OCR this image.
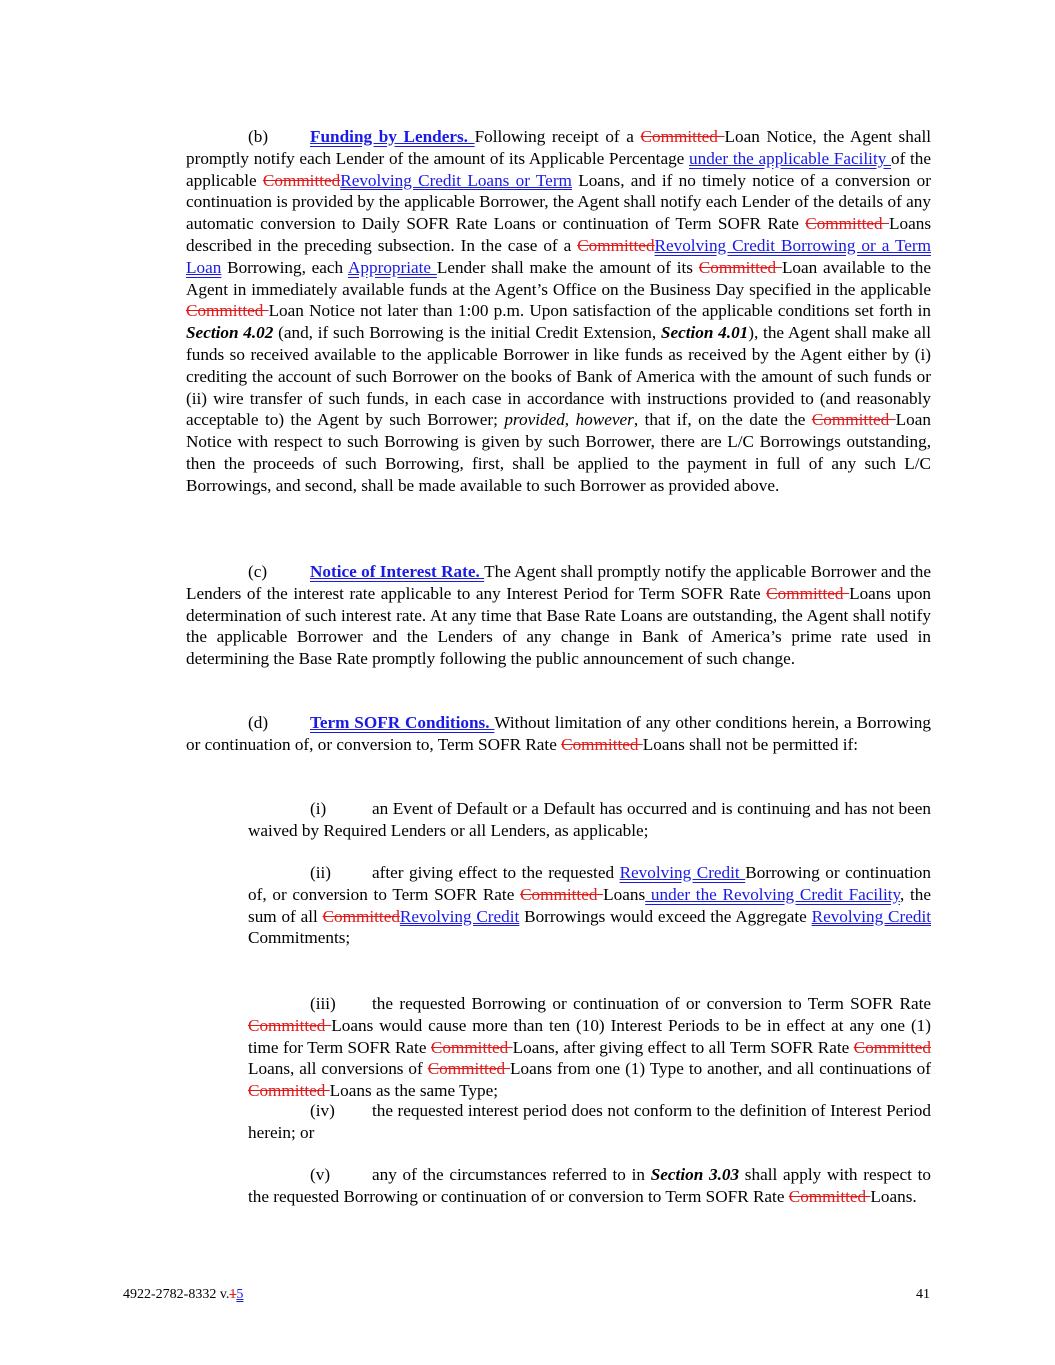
(b) Funding by Lenders. Following receipt of a Committed Loan Notice, the Agent shall promptly notify each Lender of the amount of its Applicable Percentage under the applicable Facility of the applicable CommittedRevolving Credit Loans or Term Loans, and if no timely notice of a conversion or continuation is provided by the applicable Borrower, the Agent shall notify each Lender of the details of any automatic conversion to Daily SOFR Rate Loans or continuation of Term SOFR Rate Committed Loans described in the preceding subsection. In the case of a CommittedRevolving Credit Borrowing or a Term Loan Borrowing, each Appropriate Lender shall make the amount of its Committed Loan available to the Agent in immediately available funds at the Agent’s Office on the Business Day specified in the applicable Committed Loan Notice not later than 1:00 p.m. Upon satisfaction of the applicable conditions set forth in Section 4.02 (and, if such Borrowing is the initial Credit Extension, Section 4.01), the Agent shall make all funds so received available to the applicable Borrower in like funds as received by the Agent either by (i) crediting the account of such Borrower on the books of Bank of America with the amount of such funds or (ii) wire transfer of such funds, in each case in accordance with instructions provided to (and reasonably acceptable to) the Agent by such Borrower; provided, however, that if, on the date the Committed Loan Notice with respect to such Borrowing is given by such Borrower, there are L/C Borrowings outstanding, then the proceeds of such Borrowing, first, shall be applied to the payment in full of any such L/C Borrowings, and second, shall be made available to such Borrower as provided above.

(c) Notice of Interest Rate. The Agent shall promptly notify the applicable Borrower and the Lenders of the interest rate applicable to any Interest Period for Term SOFR Rate Committed Loans upon determination of such interest rate. At any time that Base Rate Loans are outstanding, the Agent shall notify the applicable Borrower and the Lenders of any change in Bank of America’s prime rate used in determining the Base Rate promptly following the public announcement of such change.

(d) Term SOFR Conditions. Without limitation of any other conditions herein, a Borrowing or continuation of, or conversion to, Term SOFR Rate Committed Loans shall not be permitted if:

(i)	an Event of Default or a Default has occurred and is continuing and has not been waived by Required Lenders or all Lenders, as applicable;

(ii) after giving effect to the requested Revolving Credit Borrowing or continuation of, or conversion to Term SOFR Rate Committed Loans under the Revolving Credit Facility, the sum of all CommittedRevolving Credit Borrowings would exceed the Aggregate Revolving Credit Commitments;

(iii) the requested Borrowing or continuation of or conversion to Term SOFR Rate Committed Loans would cause more than ten (10) Interest Periods to be in effect at any one (1) time for Term SOFR Rate Committed Loans, after giving effect to all Term SOFR Rate Committed Loans, all conversions of Committed Loans from one (1) Type to another, and all continuations of Committed Loans as the same Type;

(iv) the requested interest period does not conform to the definition of Interest Period herein; or

(v) any of the circumstances referred to in Section 3.03 shall apply with respect to the requested Borrowing or continuation of or conversion to Term SOFR Rate Committed Loans.

4922-2782-8332 v.15	41
